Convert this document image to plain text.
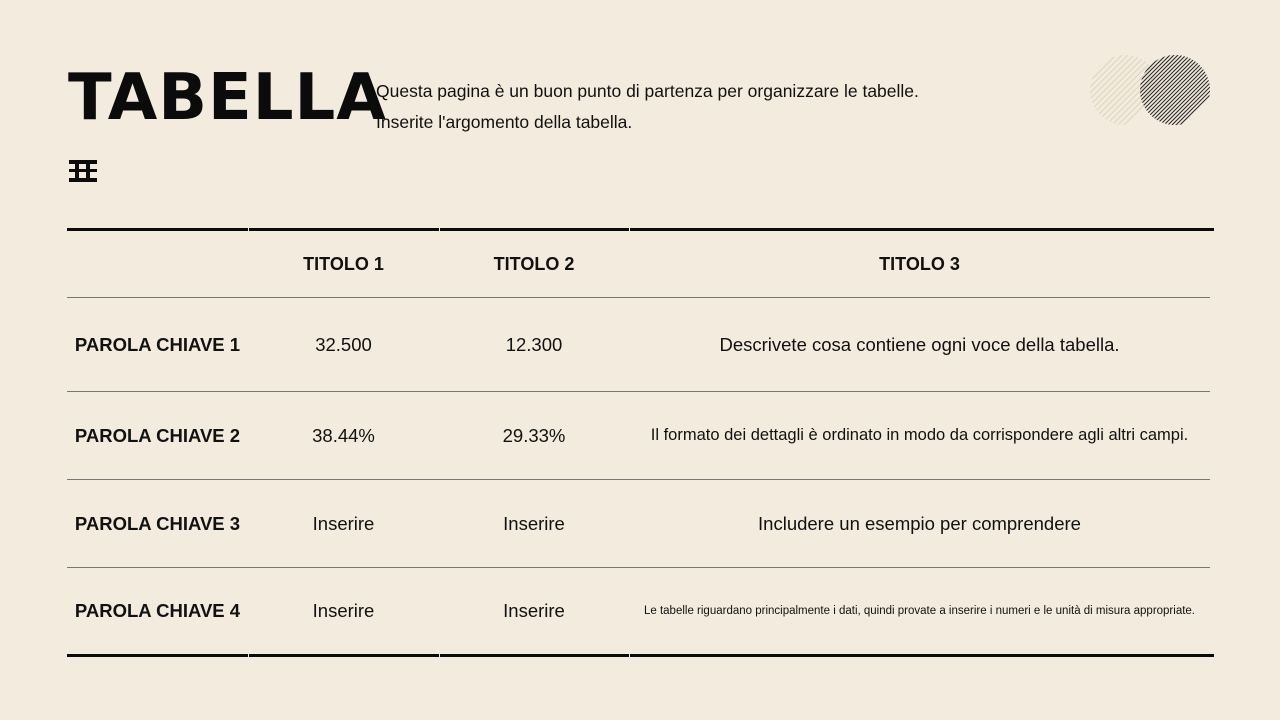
TABELLA
Questa pagina è un buon punto di partenza per organizzare le tabelle.
Inserite l'argomento della tabella.
	TITOLO 1	TITOLO 2	TITOLO 3
PAROLA CHIAVE 1	32.500	12.300	Descrivete cosa contiene ogni voce della tabella.
PAROLA CHIAVE 2	38.44%	29.33%	Il formato dei dettagli è ordinato in modo da corrispondere agli altri campi.
PAROLA CHIAVE 3	Inserire	Inserire	Includere un esempio per comprendere
PAROLA CHIAVE 4	Inserire	Inserire	Le tabelle riguardano principalmente i dati, quindi provate a inserire i numeri e le unità di misura appropriate.
